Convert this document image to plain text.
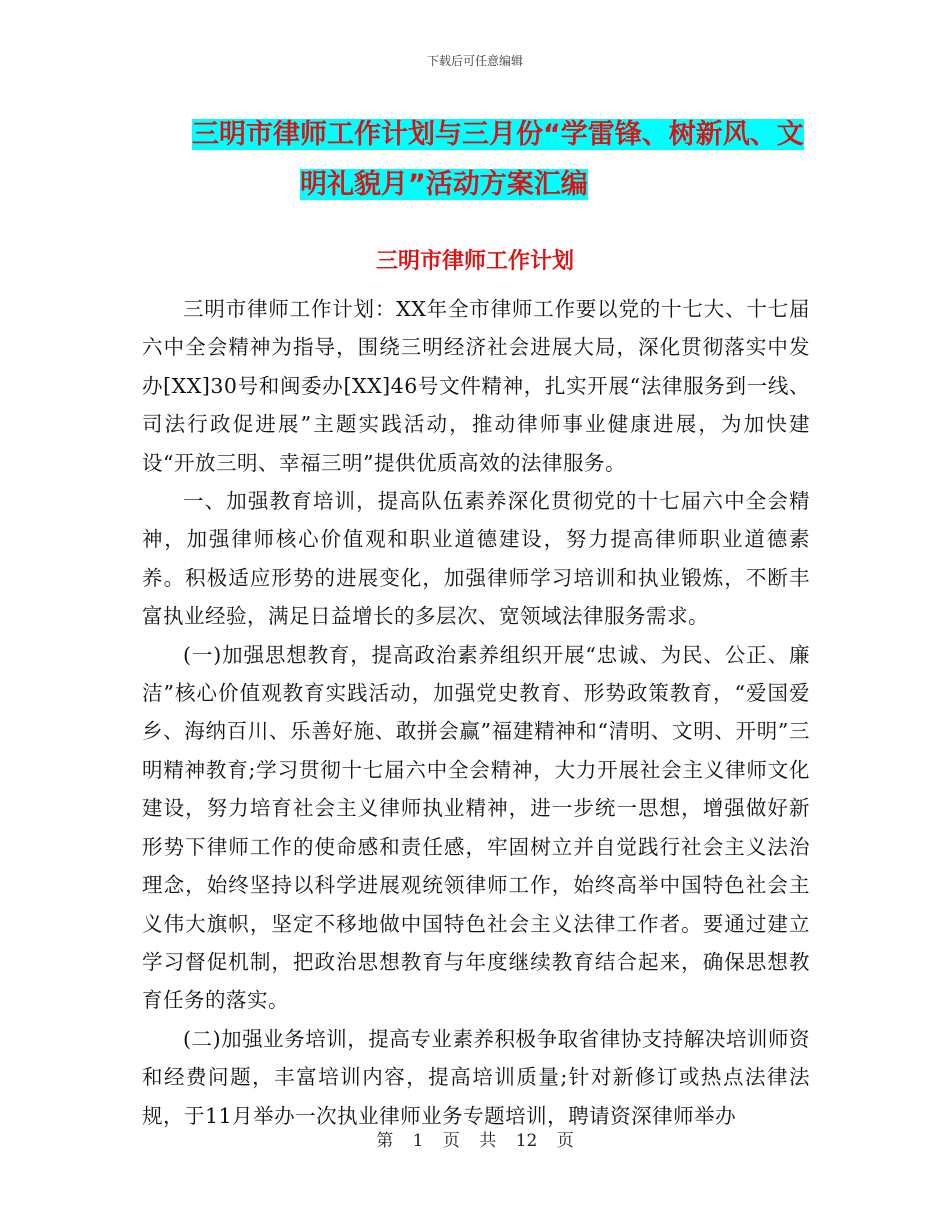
下载后可任意编辑
三明市律师工作计划与三月份“学雷锋、树新风、文
明礼貌月”活动方案汇编
三明市律师工作计划

三明市律师工作计划：XX年全市律师工作要以党的十七大、十七届六中全会精神为指导，围绕三明经济社会进展大局，深化贯彻落实中发办[XX]30号和闽委办[XX]46号文件精神，扎实开展“法律服务到一线、司法行政促进展”主题实践活动，推动律师事业健康进展，为加快建设“开放三明、幸福三明”提供优质高效的法律服务。

一、加强教育培训，提高队伍素养深化贯彻党的十七届六中全会精神，加强律师核心价值观和职业道德建设，努力提高律师职业道德素养。积极适应形势的进展变化，加强律师学习培训和执业锻炼，不断丰富执业经验，满足日益增长的多层次、宽领域法律服务需求。

(一)加强思想教育，提高政治素养组织开展“忠诚、为民、公正、廉洁”核心价值观教育实践活动，加强党史教育、形势政策教育，“爱国爱乡、海纳百川、乐善好施、敢拼会赢”福建精神和“清明、文明、开明”三明精神教育;学习贯彻十七届六中全会精神，大力开展社会主义律师文化建设，努力培育社会主义律师执业精神，进一步统一思想，增强做好新形势下律师工作的使命感和责任感，牢固树立并自觉践行社会主义法治理念，始终坚持以科学进展观统领律师工作，始终高举中国特色社会主义伟大旗帜，坚定不移地做中国特色社会主义法律工作者。要通过建立学习督促机制，把政治思想教育与年度继续教育结合起来，确保思想教育任务的落实。

(二)加强业务培训，提高专业素养积极争取省律协支持解决培训师资和经费问题，丰富培训内容，提高培训质量;针对新修订或热点法律法规，于11月举办一次执业律师业务专题培训，聘请资深律师举办

第 1 页 共 12 页
